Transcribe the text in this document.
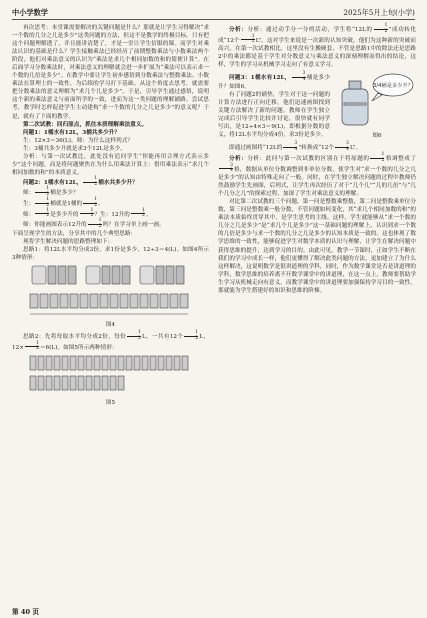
中小学数学	2025年5月上旬(小学)

再次思考：本堂课需要解决的关键问题是什么？那就是让学生习得解决“求一个数的几分之几是多少”这类问题的方法，但这不是教学的终极目标。只有把这个问题理解透了，并且能讲清楚了，才是一堂让学生信服的课。而学生对乘法认识的基础是什么？学生接触乘法已经经历了前期整数乘法与小数乘法两个阶段，他们对乘法意义的认识为“乘法是求几个相同加数的和的简便计算”。在后面学习分数乘法时，对乘法意义的理解就会进一步扩展为“乘法可以表示求一个数的几倍是多少”。在教学中要让学生初步感悟到分数乘法与整数乘法、小数乘法在算理上的一致性，为后续的学习打下基础。从这个角度去思考，就需要把分数乘法的意义理解为“求几个几是多少”，于是，引导学生通过感悟，说明这个新的乘法意义与前面所学的一致，进而为这一类问题的理解铺路。尝试思考，教学时怎样促进学生主动建构“求一个数的几分之几是多少”的意义呢？于是，就有了下面的教学。

第二次试教：回归原点，抓住本质理解乘法意义。

问题1：1桶水有12L，3桶共多少升？

生：12×3＝36(L)。师：为什么这样列式？

生：3桶共多少升就是求3个12L是多少。

分析：与第一次试教比，此处没有追问学生“你能再用合理方式表示多少”这个问题，而是将问题聚焦在为什么用乘法计算上：借用乘法表示“求几个相同加数的和”的本质意义。

问题2：1桶水有12L， $\frac{1}{2}$ 桶水共多少升？

师： $\frac{1}{2}$ 桶是多少？

生： $\frac{1}{2}$ 桶就是1桶的 $\frac{1}{2}$ 。

师： $\frac{1}{2}$ 是多少升的 $\frac{1}{2}$ ？生：12升的 $\frac{1}{2}$ 。

师：你能画图表示12升的 $\frac{1}{2}$ 吗？在学习单上画一画。

下面呈现学生的方法，分享其中的几个典型思路：

现将学生解决问题的思路整理如下：

思路1：将12L水平均分成3份，求1份是多少，12÷3＝4(L)。如图4所示3种情形：

图4

思路2：先将每取水平均分成2份，每份 $\frac{1}{2}$ L，一共有12个 $\frac{1}{2}$ L，$12\times \frac{1}{2} =6(L)$。如图5所示两种情形：

图5

分析：分析：通过动手分一分的活动，学生将“12L的 $\frac{1}{2}$ ”成功转化成“12个 $\frac{1}{2} L$”，这对学生来说是一次新的认知突破，他们为这种新的突破而高兴。在第一次试教相比，这里没有生搬硬套，不管是思路1中的除法还是思路2中的乘法都是基于学生对分数意义与乘法意义的深刻理解而得出的结论，这样，学生的学习从机械学习走向了有意义学习。

问题3：1桶水有12L， $\frac{3}{4}$ 桶是多少升？如图6。

有了问题2的铺垫，学生对于这一问题的计算方法进行正向迁移，他们迅速画图找到关键方法解决了新的问题。教师在学生独立完成后引导学生比较并讨论，很快就有同学写出，是12÷4×3＝9(L)，即根据分数的意义，将12L水平均分成4份，求3份是多少。

3/4桶是多少升？
图6

即通过画图将“12L的 $\frac{3}{4}$ ”转换成“12个 $\frac{3}{4} L$”。

分析：分析：此问与第一次试教的区别在于将原题的 $\frac{1}{2}$ 格调整成了
$\frac{3}{4}$ 格，数据从单位分数调整到非单位分数，使学生对“求一个数的几分之几是多少”的认知由特殊走向了一般。同时，在学生独立解决问题的过程中教师仍然鼓励学生先画图，后列式，让学生再次经历了对于“几个几”“几的几倍”与“几个几分之几”的探索过程，加深了学生对乘法意义的理解。

对比第二次试教的三个问题，第一问是整数乘整数，第二问是整数乘单位分数，第三问是整数乘一般分数，不管问题如何变化，其“求几个相同加数的和”的乘法本质始终贯穿其中，是学生思考的主线。这样，学生就能够从“求一个数的几分之几是多少”是“求几个几是多少”这一基础问题的理解上，认识到求一个数的几倍是多少与求一个数的几分之几是多少的认知本质是一致的。这也体现了数学思维的一致性，能够促进学生对数学本质的认识与理解，让学生在解决问题中获得思维的提升，达到学习的目的。由此可见，教学一节课时，正如学生不断在我们的学习中成长一样，他们更懂得了解决此类问题的方法，更加建立了为什么这样解决，这说明数学是很讲道理的学科，同时，作为数学课堂是否是讲道理的学科，数学思维的培养离不开数学课堂中的讲道理，在这一点上，教师要帮助学生学习从机械走向有意义。而教学课堂中的讲道理要加强保持学习目的一致性，那就能为学生搭建好的知识和思维的阶梯。

第 40 页
